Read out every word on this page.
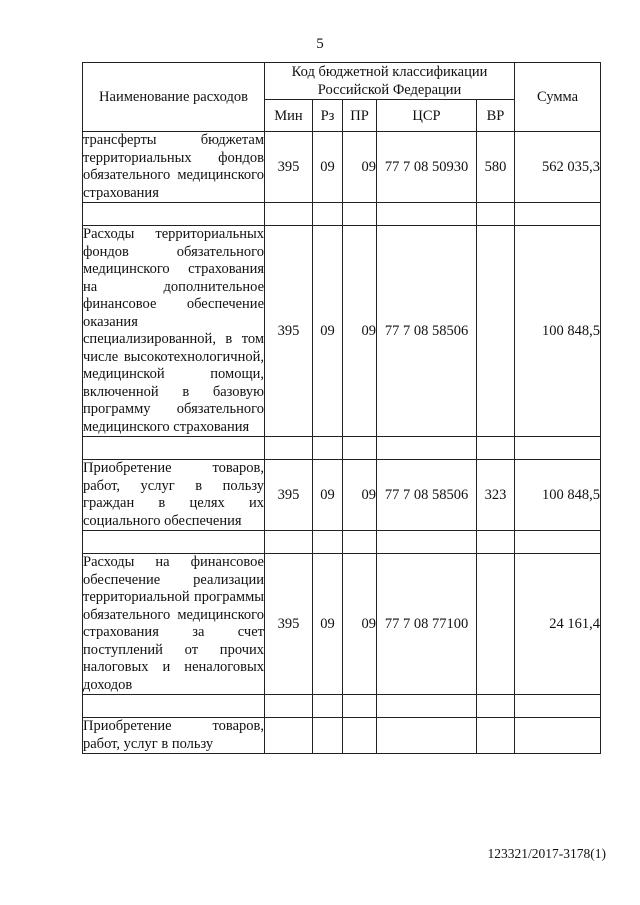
5
Наименование расходов	Код бюджетной классификации Российской Федерации					Сумма
	Мин	Рз	ПР	ЦСР	ВР	
трансферты бюджетам территориальных фондов обязательного медицинского страхования	395	09	09	77 7 08 50930	580	562 035,3

Расходы территориальных фондов обязательного медицинского страхования на дополнительное финансовое обеспечение оказания специализированной, в том числе высокотехнологичной, медицинской помощи, включенной в базовую программу обязательного медицинского страхования	395	09	09	77 7 08 58506		100 848,5

Приобретение товаров, работ, услуг в пользу граждан в целях их социального обеспечения	395	09	09	77 7 08 58506	323	100 848,5

Расходы на финансовое обеспечение реализации территориальной программы обязательного медицинского страхования за счет поступлений от прочих налоговых и неналоговых доходов	395	09	09	77 7 08 77100		24 161,4

Приобретение товаров, работ, услуг в пользу						
123321/2017-3178(1)
